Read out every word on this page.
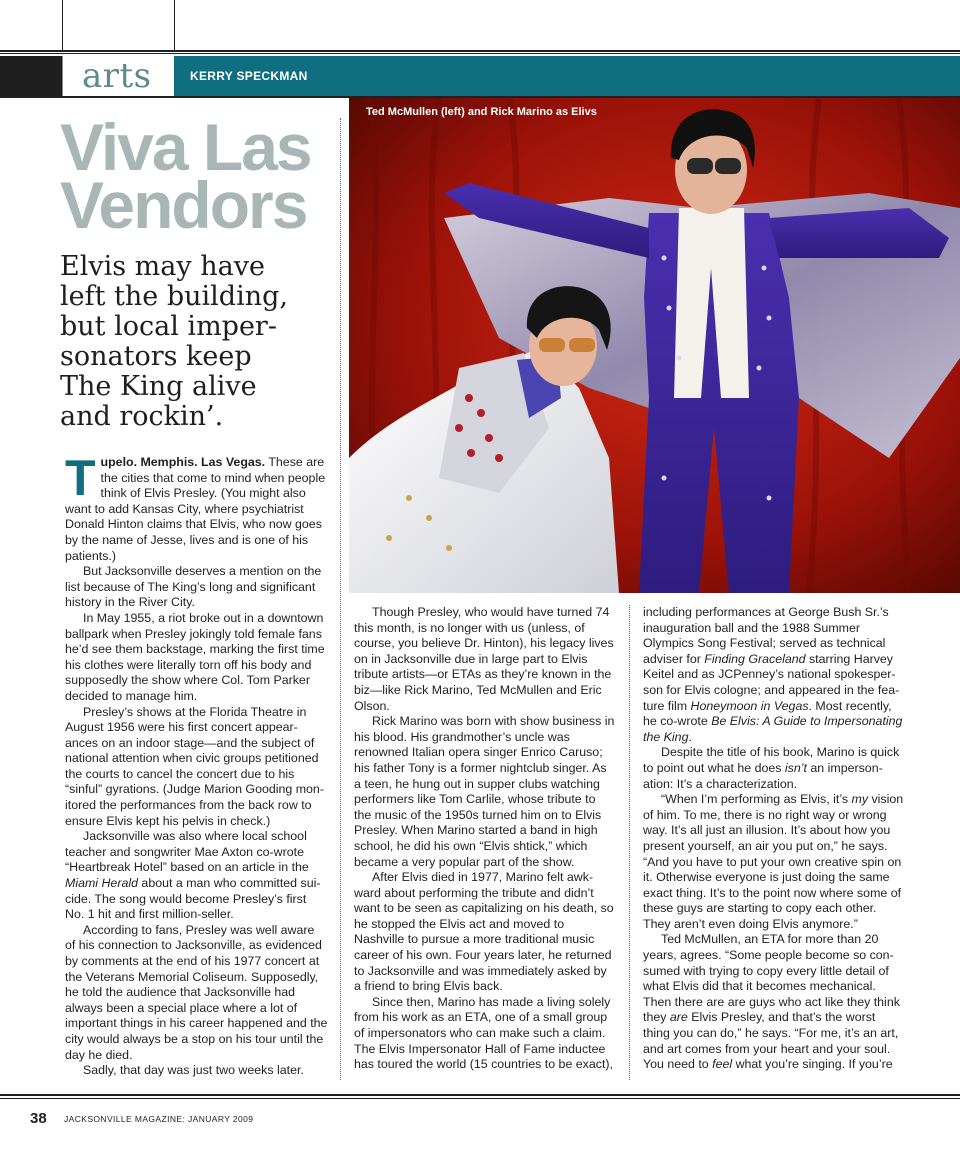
arts	KERRY SPECKMAN
Ted McMullen (left) and Rick Marino as Elivs
Viva Las
Vendors
Elvis may have
left the building,
but local imper-
sonators keep
The King alive
and rockin’.

Tupelo. Memphis. Las Vegas. These are the cities that come to mind when people think of Elvis Presley. (You might also want to add Kansas City, where psychiatrist Donald Hinton claims that Elvis, who now goes by the name of Jesse, lives and is one of his patients.)

But Jacksonville deserves a mention on the list because of The King’s long and significant history in the River City.

In May 1955, a riot broke out in a downtown ballpark when Presley jokingly told female fans he’d see them backstage, marking the first time his clothes were literally torn off his body and supposedly the show where Col. Tom Parker decided to manage him.

Presley’s shows at the Florida Theatre in August 1956 were his first concert appear-ances on an indoor stage—and the subject of national attention when civic groups petitioned the courts to cancel the concert due to his “sinful” gyrations. (Judge Marion Gooding mon-itored the performances from the back row to ensure Elvis kept his pelvis in check.)

Jacksonville was also where local school teacher and songwriter Mae Axton co-wrote “Heartbreak Hotel” based on an article in the Miami Herald about a man who committed sui-cide. The song would become Presley’s first No. 1 hit and first million-seller.

According to fans, Presley was well aware of his connection to Jacksonville, as evidenced by comments at the end of his 1977 concert at the Veterans Memorial Coliseum. Supposedly, he told the audience that Jacksonville had always been a special place where a lot of important things in his career happened and the city would always be a stop on his tour until the day he died.

Sadly, that day was just two weeks later.

Though Presley, who would have turned 74 this month, is no longer with us (unless, of course, you believe Dr. Hinton), his legacy lives on in Jacksonville due in large part to Elvis tribute artists—or ETAs as they’re known in the biz—like Rick Marino, Ted McMullen and Eric Olson.

Rick Marino was born with show business in his blood. His grandmother’s uncle was renowned Italian opera singer Enrico Caruso; his father Tony is a former nightclub singer. As a teen, he hung out in supper clubs watching performers like Tom Carlile, whose tribute to the music of the 1950s turned him on to Elvis Presley. When Marino started a band in high school, he did his own “Elvis shtick,” which became a very popular part of the show.

After Elvis died in 1977, Marino felt awk-ward about performing the tribute and didn’t want to be seen as capitalizing on his death, so he stopped the Elvis act and moved to Nashville to pursue a more traditional music career of his own. Four years later, he returned to Jacksonville and was immediately asked by a friend to bring Elvis back.

Since then, Marino has made a living solely from his work as an ETA, one of a small group of impersonators who can make such a claim. The Elvis Impersonator Hall of Fame inductee has toured the world (15 countries to be exact),

including performances at George Bush Sr.’s inauguration ball and the 1988 Summer Olympics Song Festival; served as technical adviser for Finding Graceland starring Harvey Keitel and as JCPenney’s national spokesper-son for Elvis cologne; and appeared in the fea-ture film Honeymoon in Vegas. Most recently, he co-wrote Be Elvis: A Guide to Impersonating the King.

Despite the title of his book, Marino is quick to point out what he does isn’t an imperson-ation: It’s a characterization.

“When I’m performing as Elvis, it’s my vision of him. To me, there is no right way or wrong way. It’s all just an illusion. It’s about how you present yourself, an air you put on,” he says. “And you have to put your own creative spin on it. Otherwise everyone is just doing the same exact thing. It’s to the point now where some of these guys are starting to copy each other. They aren’t even doing Elvis anymore.”

Ted McMullen, an ETA for more than 20 years, agrees. “Some people become so con-sumed with trying to copy every little detail of what Elvis did that it becomes mechanical. Then there are are guys who act like they think they are Elvis Presley, and that’s the worst thing you can do,” he says. “For me, it’s an art, and art comes from your heart and your soul. You need to feel what you’re singing. If you’re

38 JACKSONVILLE MAGAZINE: JANUARY 2009
